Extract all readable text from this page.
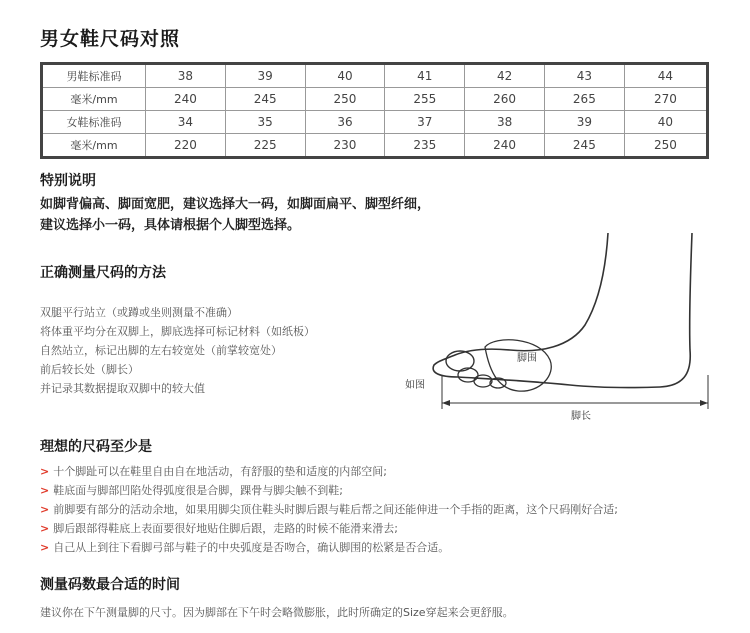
男女鞋尺码对照
男鞋标准码	38	39	40	41	42	43	44
毫米/mm	240	245	250	255	260	265	270
女鞋标准码	34	35	36	37	38	39	40
毫米/mm	220	225	230	235	240	245	250
特别说明
如脚背偏高、脚面宽肥，建议选择大一码，如脚面扁平、脚型纤细，
建议选择小一码，具体请根据个人脚型选择。
正确测量尺码的方法
双腿平行站立（或蹲或坐则测量不准确）
将体重平均分在双脚上，脚底选择可标记材料（如纸板）
自然站立，标记出脚的左右较宽处（前掌较宽处）
前后较长处（脚长）
并记录其数据提取双脚中的较大值
脚围
如图
脚长
理想的尺码至少是
> 十个脚趾可以在鞋里自由自在地活动，有舒服的垫和适度的内部空间;
> 鞋底面与脚部凹陷处得弧度很是合脚，踝骨与脚尖触不到鞋;
> 前脚要有部分的活动余地，如果用脚尖顶住鞋头时脚后跟与鞋后帮之间还能伸进一个手指的距离，这个尺码刚好合适;
> 脚后跟部得鞋底上表面要很好地贴住脚后跟，走路的时候不能滑来滑去;
> 自己从上到往下看脚弓部与鞋子的中央弧度是否吻合，确认脚围的松紧是否合适。
测量码数最合适的时间
建议你在下午测量脚的尺寸。因为脚部在下午时会略微膨胀，此时所确定的Size穿起来会更舒服。
